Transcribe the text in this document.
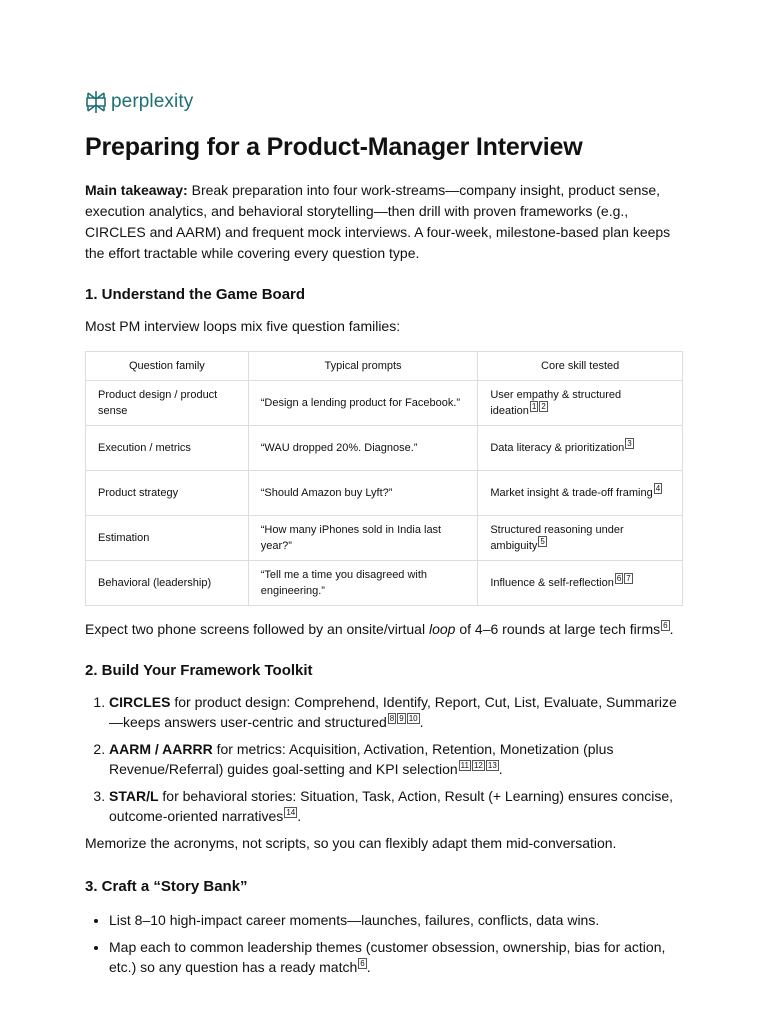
perplexity
Preparing for a Product-Manager Interview

Main takeaway: Break preparation into four work-streams—company insight, product sense, execution analytics, and behavioral storytelling—then drill with proven frameworks (e.g., CIRCLES and AARM) and frequent mock interviews. A four-week, milestone-based plan keeps the effort tractable while covering every question type.

1. Understand the Game Board

Most PM interview loops mix five question families:

Question family	Typical prompts	Core skill tested
Product design / product sense	“Design a lending product for Facebook.”	User empathy & structured ideation $^1$ $^2$
Execution / metrics	“WAU dropped 20%. Diagnose.”	Data literacy & prioritization $^3$
Product strategy	“Should Amazon buy Lyft?”	Market insight & trade-off framing $^4$
Estimation	“How many iPhones sold in India last year?”	Structured reasoning under ambiguity $^5$
Behavioral (leadership)	“Tell me a time you disagreed with engineering.”	Influence & self-reflection $^6$ $^7$

Expect two phone screens followed by an onsite/virtual loop of 4–6 rounds at large tech firms $^6$ .

2. Build Your Framework Toolkit
1. CIRCLES for product design: Comprehend, Identify, Report, Cut, List, Evaluate, Summarize—keeps answers user-centric and structured $^8$ $^9$ $^{10}$ .
2. AARM / AARRR for metrics: Acquisition, Activation, Retention, Monetization (plus Revenue/Referral) guides goal-setting and KPI selection $^{11}$ $^{12}$ $^{13}$ .
3. STAR/L for behavioral stories: Situation, Task, Action, Result (+ Learning) ensures concise, outcome-oriented narratives $^{14}$ .

Memorize the acronyms, not scripts, so you can flexibly adapt them mid-conversation.

3. Craft a “Story Bank”
• List 8–10 high-impact career moments—launches, failures, conflicts, data wins.
• Map each to common leadership themes (customer obsession, ownership, bias for action, etc.) so any question has a ready match $^6$ .
